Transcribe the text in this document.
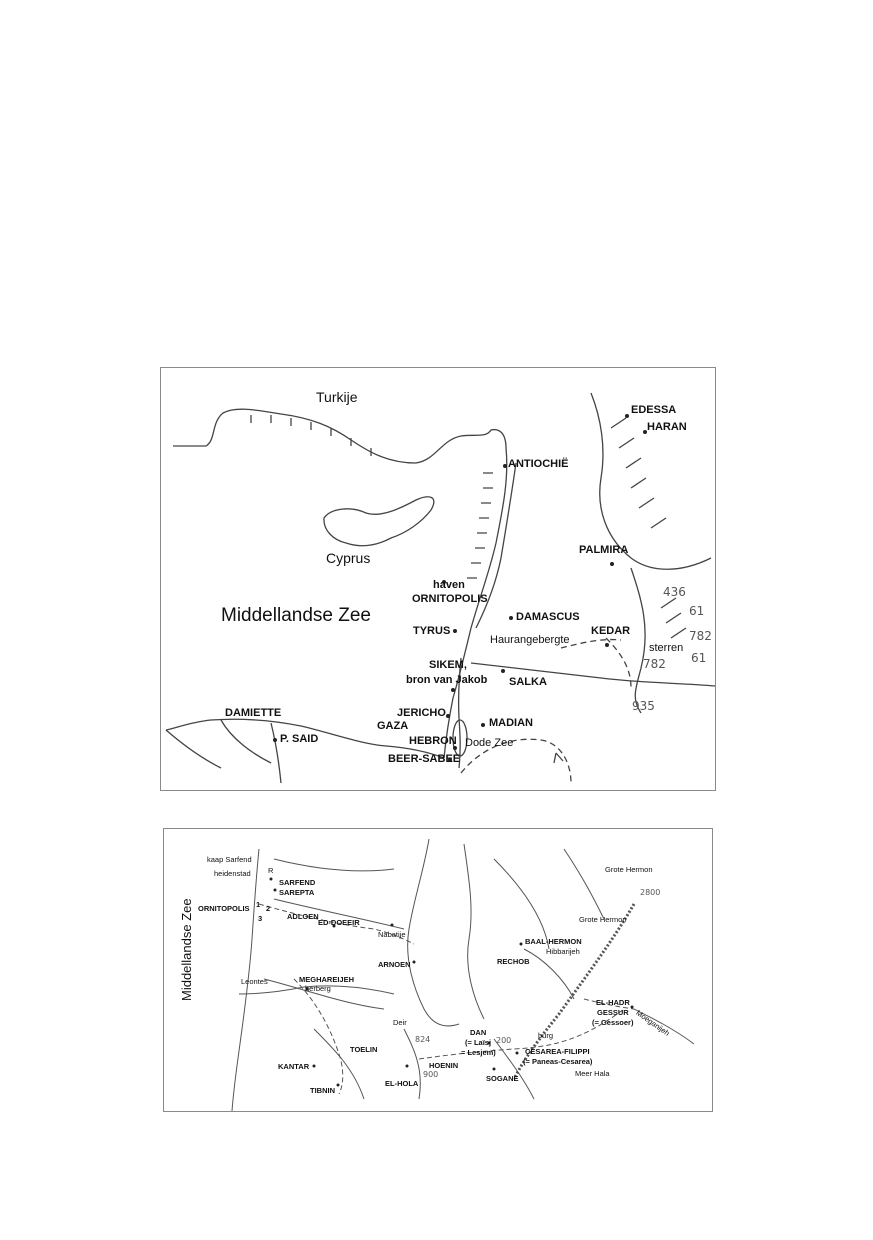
Turkije
Cyprus
Middellandse Zee
EDESSA
HARAN
ANTIOCHIË
PALMIRA
haven
ORNITOPOLIS
DAMASCUS
TYRUS
Haurangebergte
KEDAR
sterren
SIKEM,
bron van Jakob SALKA
JERICHO
DAMIETTE
GAZA	MADIAN
P. SAID	HEBRON Dode Zee
BEER-SABEE
436
61
782
782 61
935
Middellandse Zee
kaap Sarfend
R
heidenstad
SARFEND
SAREPTA
ORNITOPOLIS
ADLOEN
ED-DOEEIR
Nabatije
ARNOEN	RECHOB
BAAL-HERMON
Hibbarijeh
Grote Hermon
Grote Hermon
Leontes	MEGHAREIJEH
herberg
Deir
EL-HADR
GESSUR
(= Gessoer) Moeganijeh
TOELIN
DAN
(= Laïsj
= Lesjem)
burg
CESAREA-FILIPPI
(= Paneas-Cesarea)
KANTAR	HOENIN
Meer Hala
EL-HOLA
SOGANE
TIBNIN
2800
1 2
3
824	200
900
